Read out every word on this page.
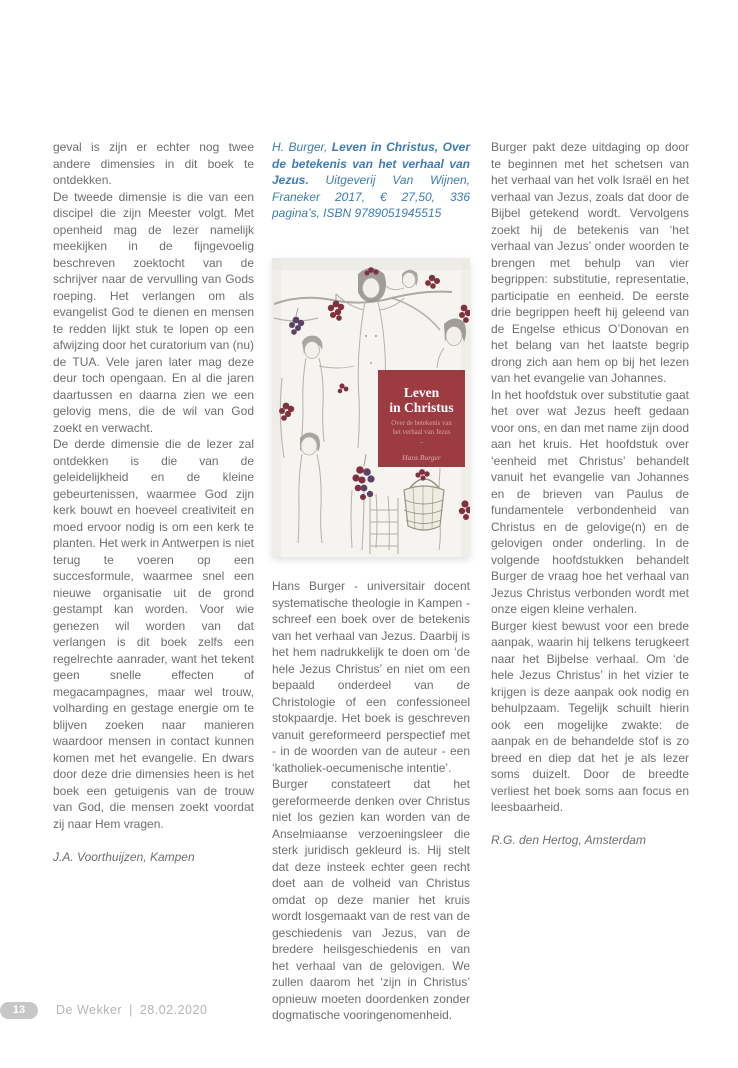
geval is zijn er echter nog twee andere dimensies in dit boek te ontdekken.

De tweede dimensie is die van een discipel die zijn Meester volgt. Met openheid mag de lezer namelijk meekijken in de fijngevoelig beschreven zoektocht van de schrijver naar de vervulling van Gods roeping. Het verlangen om als evangelist God te dienen en mensen te redden lijkt stuk te lopen op een afwijzing door het curatorium van (nu) de TUA. Vele jaren later mag deze deur toch opengaan. En al die jaren daartussen en daarna zien we een gelovig mens, die de wil van God zoekt en verwacht.

De derde dimensie die de lezer zal ontdekken is die van de geleidelijkheid en de kleine gebeurtenissen, waarmee God zijn kerk bouwt en hoeveel creativiteit en moed ervoor nodig is om een kerk te planten. Het werk in Antwerpen is niet terug te voeren op een succesformule, waarmee snel een nieuwe organisatie uit de grond gestampt kan worden. Voor wie genezen wil worden van dat verlangen is dit boek zelfs een regelrechte aanrader, want het tekent geen snelle effecten of megacampagnes, maar wel trouw, volharding en gestage energie om te blijven zoeken naar manieren waardoor mensen in contact kunnen komen met het evangelie. En dwars door deze drie dimensies heen is het boek een getuigenis van de trouw van God, die mensen zoekt voordat zij naar Hem vragen.

J.A. Voorthuijzen, Kampen

H. Burger, Leven in Christus, Over de betekenis van het verhaal van Jezus. Uitgeverij Van Wijnen, Franeker 2017, € 27,50, 336 pagina’s, ISBN 9789051945515

Leven
in Christus
Over de betekenis van
het verhaal van Jezus
–
Hans Burger

Hans Burger - universitair docent systematische theologie in Kampen - schreef een boek over de betekenis van het verhaal van Jezus. Daarbij is het hem nadrukkelijk te doen om ‘de hele Jezus Christus’ en niet om een bepaald onderdeel van de Christologie of een confessioneel stokpaardje. Het boek is geschreven vanuit gereformeerd perspectief met - in de woorden van de auteur - een ‘katholiek-oecumenische intentie’.

Burger constateert dat het gereformeerde denken over Christus niet los gezien kan worden van de Anselmiaanse verzoeningsleer die sterk juridisch gekleurd is. Hij stelt dat deze insteek echter geen recht doet aan de volheid van Christus omdat op deze manier het kruis wordt losgemaakt van de rest van de geschiedenis van Jezus, van de bredere heilsgeschiedenis en van het verhaal van de gelovigen. We zullen daarom het ‘zijn in Christus’ opnieuw moeten doordenken zonder dogmatische vooringenomenheid.

Burger pakt deze uitdaging op door te beginnen met het schetsen van het verhaal van het volk Israël en het verhaal van Jezus, zoals dat door de Bijbel getekend wordt. Vervolgens zoekt hij de betekenis van ‘het verhaal van Jezus’ onder woorden te brengen met behulp van vier begrippen: substitutie, representatie, participatie en eenheid. De eerste drie begrippen heeft hij geleend van de Engelse ethicus O’Donovan en het belang van het laatste begrip drong zich aan hem op bij het lezen van het evangelie van Johannes.

In het hoofdstuk over substitutie gaat het over wat Jezus heeft gedaan voor ons, en dan met name zijn dood aan het kruis. Het hoofdstuk over ‘eenheid met Christus’ behandelt vanuit het evangelie van Johannes en de brieven van Paulus de fundamentele verbondenheid van Christus en de gelovige(n) en de gelovigen onder onderling. In de volgende hoofdstukken behandelt Burger de vraag hoe het verhaal van Jezus Christus verbonden wordt met onze eigen kleine verhalen.

Burger kiest bewust voor een brede aanpak, waarin hij telkens terugkeert naar het Bijbelse verhaal. Om ‘de hele Jezus Christus’ in het vizier te krijgen is deze aanpak ook nodig en behulpzaam. Tegelijk schuilt hierin ook een mogelijke zwakte: de aanpak en de behandelde stof is zo breed en diep dat het je als lezer soms duizelt. Door de breedte verliest het boek soms aan focus en leesbaarheid.

R.G. den Hertog, Amsterdam

13	De Wekker | 28.02.2020
